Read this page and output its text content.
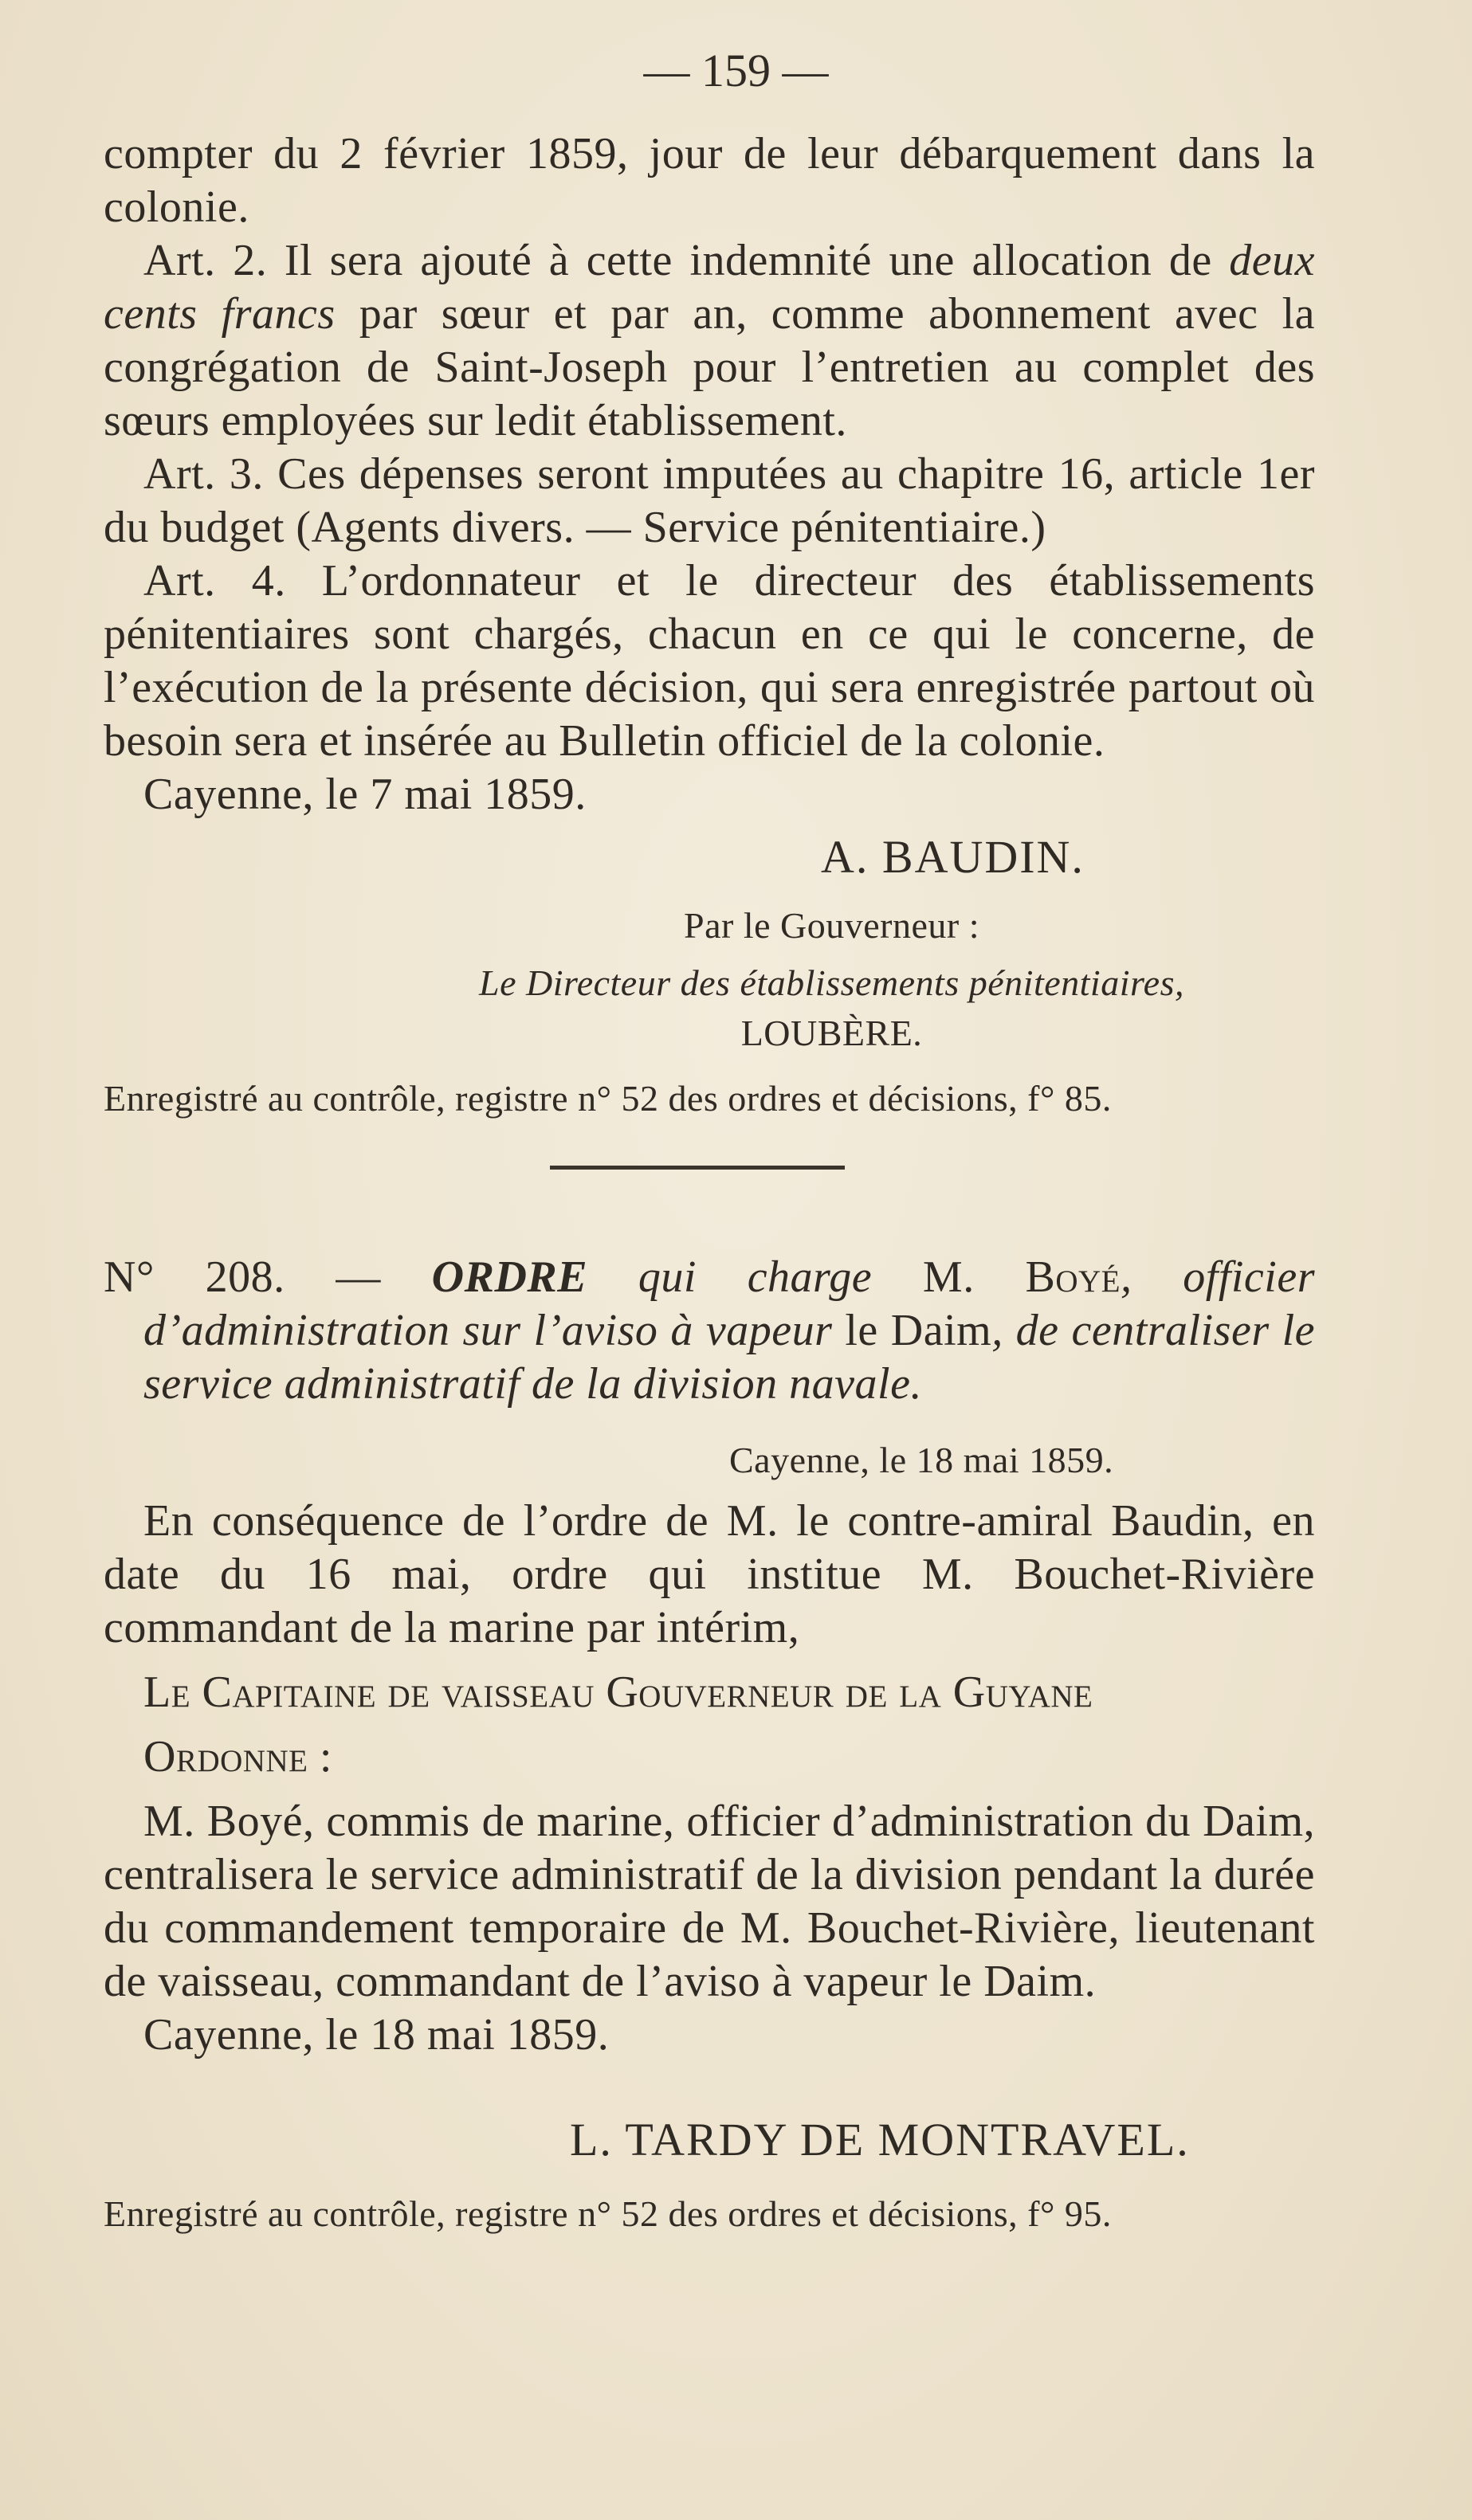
— 159 —

compter du 2 février 1859, jour de leur débarquement dans la colonie.

Art. 2. Il sera ajouté à cette indemnité une allocation de deux cents francs par sœur et par an, comme abonnement avec la congrégation de Saint-Joseph pour l’entretien au complet des sœurs employées sur ledit établissement.

Art. 3. Ces dépenses seront imputées au chapitre 16, article 1er du budget (Agents divers. — Service pénitentiaire.)

Art. 4. L’ordonnateur et le directeur des établissements pénitentiaires sont chargés, chacun en ce qui le concerne, de l’exécution de la présente décision, qui sera enregistrée partout où besoin sera et insérée au Bulletin officiel de la colonie.

Cayenne, le 7 mai 1859.

A. BAUDIN.
Par le Gouverneur :
Le Directeur des établissements pénitentiaires,
LOUBÈRE.
Enregistré au contrôle, registre n° 52 des ordres et décisions, f° 85.

N° 208. — ORDRE qui charge M. Boyé, officier d’administration sur l’aviso à vapeur le Daim, de centraliser le service administratif de la division navale.

Cayenne, le 18 mai 1859.

En conséquence de l’ordre de M. le contre-amiral Baudin, en date du 16 mai, ordre qui institue M. Bouchet-Rivière commandant de la marine par intérim,

Le Capitaine de vaisseau Gouverneur de la Guyane

Ordonne :

M. Boyé, commis de marine, officier d’administration du Daim, centralisera le service administratif de la division pendant la durée du commandement temporaire de M. Bouchet-Rivière, lieutenant de vaisseau, commandant de l’aviso à vapeur le Daim.

Cayenne, le 18 mai 1859.

L. TARDY DE MONTRAVEL.
Enregistré au contrôle, registre n° 52 des ordres et décisions, f° 95.
